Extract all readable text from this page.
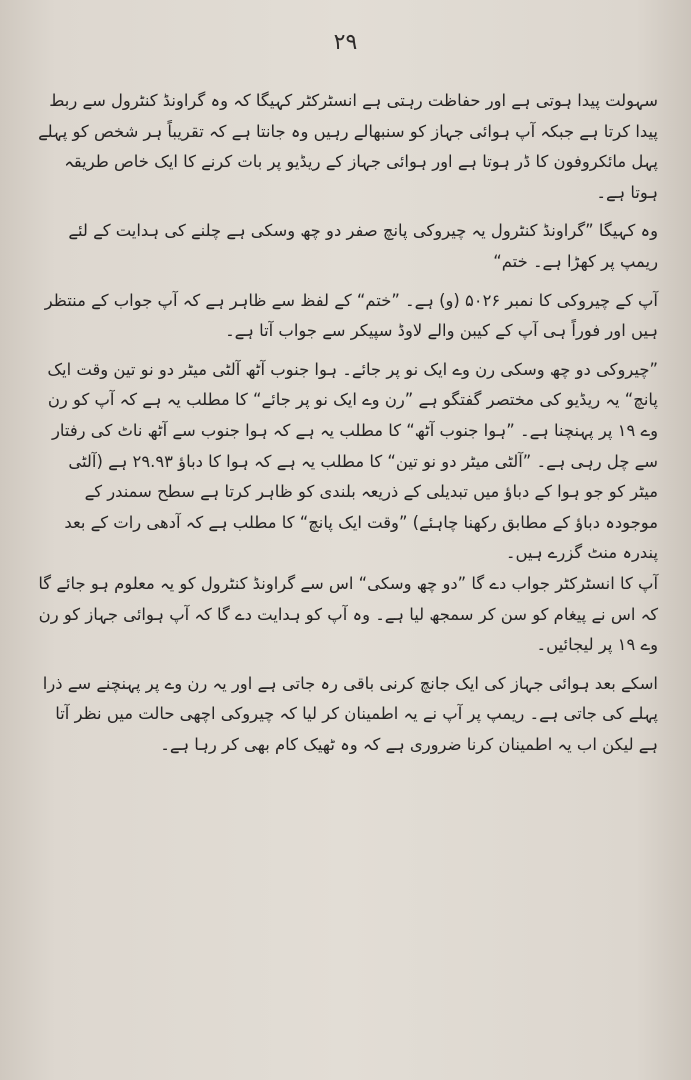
۲۹

سہولت پیدا ہوتی ہے اور حفاظت رہتی ہے انسٹرکٹر کہیگا کہ وہ گراونڈ کنٹرول سے ربط پیدا کرتا ہے جبکہ آپ ہوائی جہاز کو سنبھالے رہیں وہ جانتا ہے کہ تقریباً ہر شخص کو پہلے پہل مائکروفون کا ڈر ہوتا ہے اور ہوائی جہاز کے ریڈیو پر بات کرنے کا ایک خاص طریقہ ہوتا ہے۔

وہ کہیگا ”گراونڈ کنٹرول یہ چیروکی پانچ صفر دو چھ وسکی ہے چلنے کی ہدایت کے لئے ریمپ پر کھڑا ہے۔ ختم“

آپ کے چیروکی کا نمبر ۵۰۲۶ (و) ہے۔ ”ختم“ کے لفظ سے ظاہر ہے کہ آپ جواب کے منتظر ہیں اور فوراً ہی آپ کے کیبن والے لاوڈ سپیکر سے جواب آتا ہے۔

”چیروکی دو چھ وسکی رن وے ایک نو پر جائے۔ ہوا جنوب آٹھ آلٹی میٹر دو نو تین وقت ایک پانچ“ یہ ریڈیو کی مختصر گفتگو ہے ”رن وے ایک نو پر جائے“ کا مطلب یہ ہے کہ آپ کو رن وے ۱۹ پر پہنچنا ہے۔ ”ہوا جنوب آٹھ“ کا مطلب یہ ہے کہ ہوا جنوب سے آٹھ ناٹ کی رفتار سے چل رہی ہے۔ ”آلٹی میٹر دو نو تین“ کا مطلب یہ ہے کہ ہوا کا دباؤ ۲۹.۹۳ ہے (آلٹی میٹر کو جو ہوا کے دباؤ میں تبدیلی کے ذریعہ بلندی کو ظاہر کرتا ہے سطح سمندر کے موجودہ دباؤ کے مطابق رکھنا چاہئے) ”وقت ایک پانچ“ کا مطلب ہے کہ آدھی رات کے بعد پندرہ منٹ گزرے ہیں۔

آپ کا انسٹرکٹر جواب دے گا ”دو چھ وسکی“ اس سے گراونڈ کنٹرول کو یہ معلوم ہو جائے گا کہ اس نے پیغام کو سن کر سمجھ لیا ہے۔ وہ آپ کو ہدایت دے گا کہ آپ ہوائی جہاز کو رن وے ۱۹ پر لیجائیں۔

اسکے بعد ہوائی جہاز کی ایک جانچ کرنی باقی رہ جاتی ہے اور یہ رن وے پر پہنچنے سے ذرا پہلے کی جاتی ہے۔ ریمپ پر آپ نے یہ اطمینان کر لیا کہ چیروکی اچھی حالت میں نظر آتا ہے لیکن اب یہ اطمینان کرنا ضروری ہے کہ وہ ٹھیک کام بھی کر رہا ہے۔
